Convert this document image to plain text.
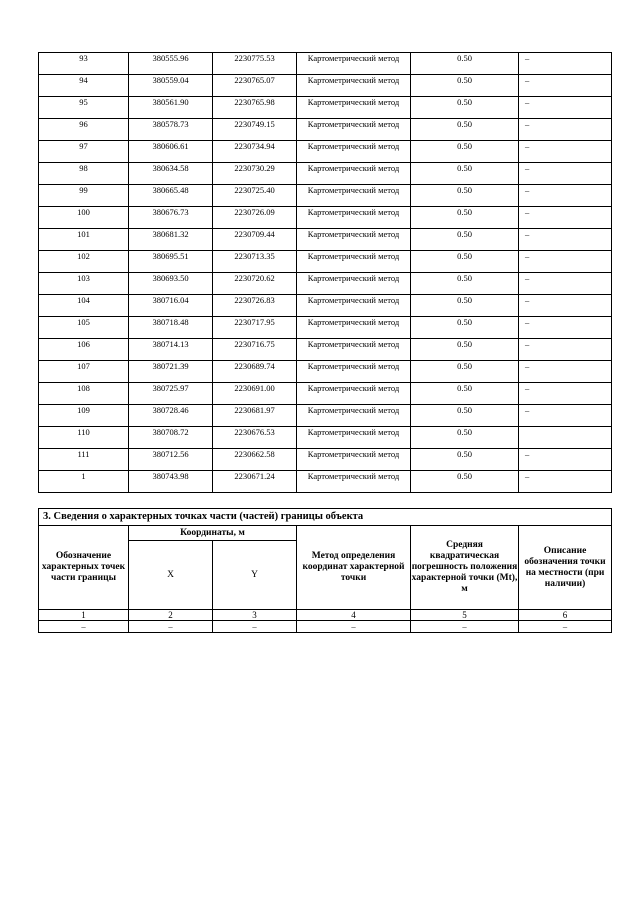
93	380555.96	2230775.53	Картометрический метод	0.50	–
94	380559.04	2230765.07	Картометрический метод	0.50	–
95	380561.90	2230765.98	Картометрический метод	0.50	–
96	380578.73	2230749.15	Картометрический метод	0.50	–
97	380606.61	2230734.94	Картометрический метод	0.50	–
98	380634.58	2230730.29	Картометрический метод	0.50	–
99	380665.48	2230725.40	Картометрический метод	0.50	–
100	380676.73	2230726.09	Картометрический метод	0.50	–
101	380681.32	2230709.44	Картометрический метод	0.50	–
102	380695.51	2230713.35	Картометрический метод	0.50	–
103	380693.50	2230720.62	Картометрический метод	0.50	–
104	380716.04	2230726.83	Картометрический метод	0.50	–
105	380718.48	2230717.95	Картометрический метод	0.50	–
106	380714.13	2230716.75	Картометрический метод	0.50	–
107	380721.39	2230689.74	Картометрический метод	0.50	–
108	380725.97	2230691.00	Картометрический метод	0.50	–
109	380728.46	2230681.97	Картометрический метод	0.50	–
110	380708.72	2230676.53	Картометрический метод	0.50	
111	380712.56	2230662.58	Картометрический метод	0.50	–
1	380743.98	2230671.24	Картометрический метод	0.50	–
3. Сведения о характерных точках части (частей) границы объекта					
Обозначение характерных точек части границы	Координаты, м		Метод определения координат характерной точки	Средняя квадратическая погрешность положения характерной точки (Mt), м	Описание обозначения точки на местности (при наличии)
	X	Y			
1	2	3	4	5	6
–	–	–	–	–	–
